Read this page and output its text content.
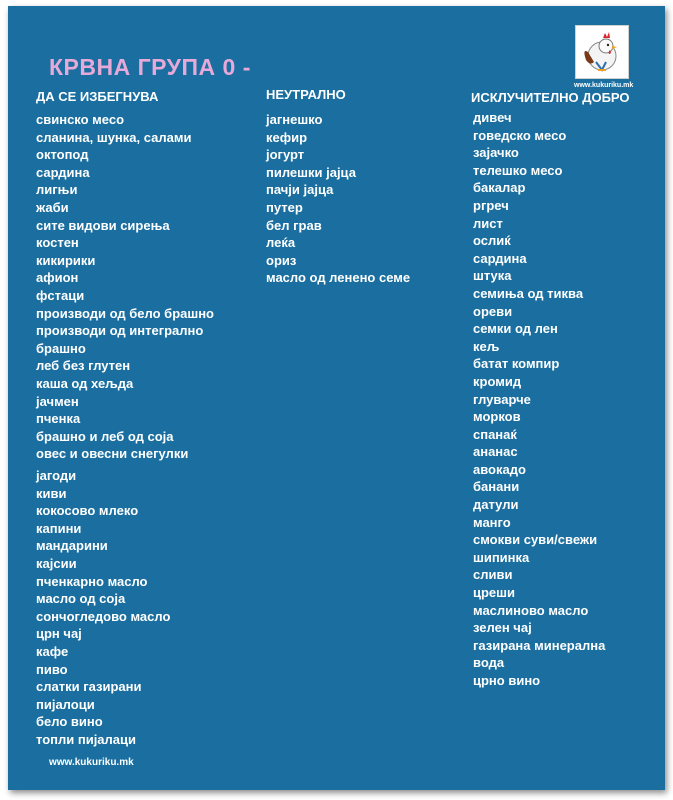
КРВНА ГРУПА 0 -
www.kukuriku.mk
ДА СЕ ИЗБЕГНУВА
свинско месо
сланина, шунка, салами
октопод
сардина
лигњи
жаби
сите видови сирења
костен
кикирики
афион
фстаци
производи од бело брашно
производи од интегрално
брашно
леб без глутен
каша од хељда
јачмен
пченка
брашно и леб од соја
овес и овесни снегулки
јагоди
киви
кокосово млеко
капини
мандарини
кајсии
пченкарно масло
масло од соја
сончогледово масло
црн чај
кафе
пиво
слатки газирани
пијалоци
бело вино
топли пијалаци
НЕУТРАЛНО
јагнешко
кефир
јогурт
пилешки јајца
пачји јајца
путер
бел грав
леќа
ориз
масло од ленено семе
ИСКЛУЧИТЕЛНО ДОБРО
дивеч
говедско месо
зајачко
телешко месо
бакалар
ргреч
лист
ослиќ
сардина
штука
семиња од тиква
ореви
семки од лен
кељ
батат компир
кромид
глуварче
морков
спанаќ
ананас
авокадо
банани
датули
манго
смокви суви/свежи
шипинка
сливи
цреши
маслиново масло
зелен чај
газирана минерална
вода
црно вино
www.kukuriku.mk
